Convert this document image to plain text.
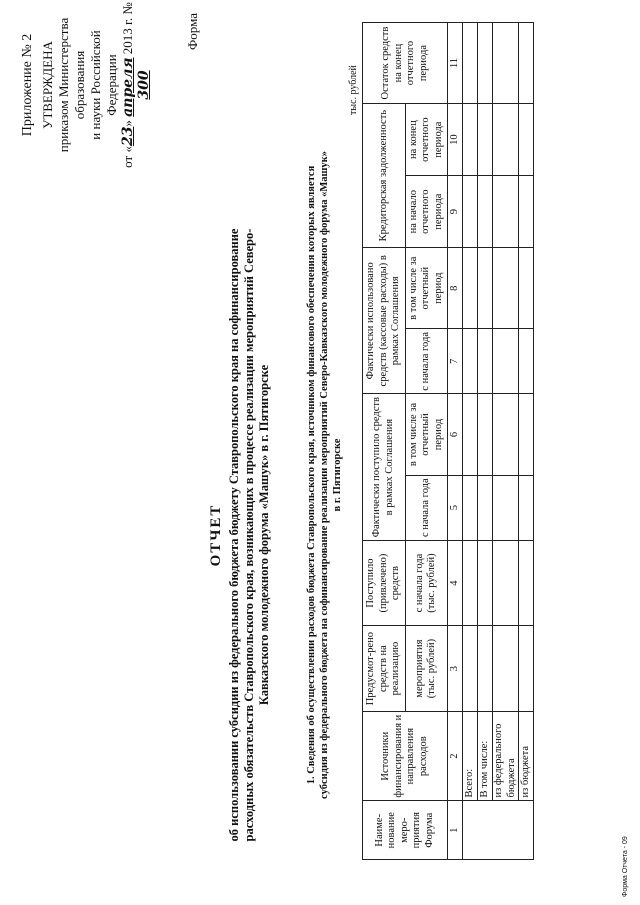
Приложение № 2 УТВЕРЖДЕНА приказом Министерства образования и науки Российской Федерации
от «23» апреля 2013 г. № 300
Форма
ОТЧЕТ об использовании субсидии из федерального бюджета бюджету Ставропольского края на софинансирование расходных обязательств Ставропольского края, возникающих в процессе реализации мероприятий Северо- Кавказского молодежного форума «Машук» в г. Пятигорске	1. Сведения об осуществлении расходов бюджета Ставропольского края, источником финансового обеспечения которых является субсидия из федерального бюджета на софинансирование реализации мероприятий Северо-Кавказского молодежного форума «Машук» в г. Пятигорске
тыс. рублей
Наиме-нование меро-приятия Форума	Источники финансирования и направления расходов	Предусмот-рено средств на реализацию	Поступило (привлечено) средств	Фактически поступило средств в рамках Соглашения		Фактически использовано средств (кассовые расходы) в рамках Соглашения		Кредиторская задолженность		Остаток средств на конец отчетного периода
		мероприятия (тыс. рублей)	с начала года (тыс. рублей)	с начала года	в том числе за отчетный период	с начала года	в том числе за отчетный период	на начало отчетного периода	на конец отчетного периода	
1	2	3	4	5	6	7	8	9	10	11
	Всего:									
	В том числе:									
	из федерального бюджета									
	из бюджета									
Форма Отчета - 09
